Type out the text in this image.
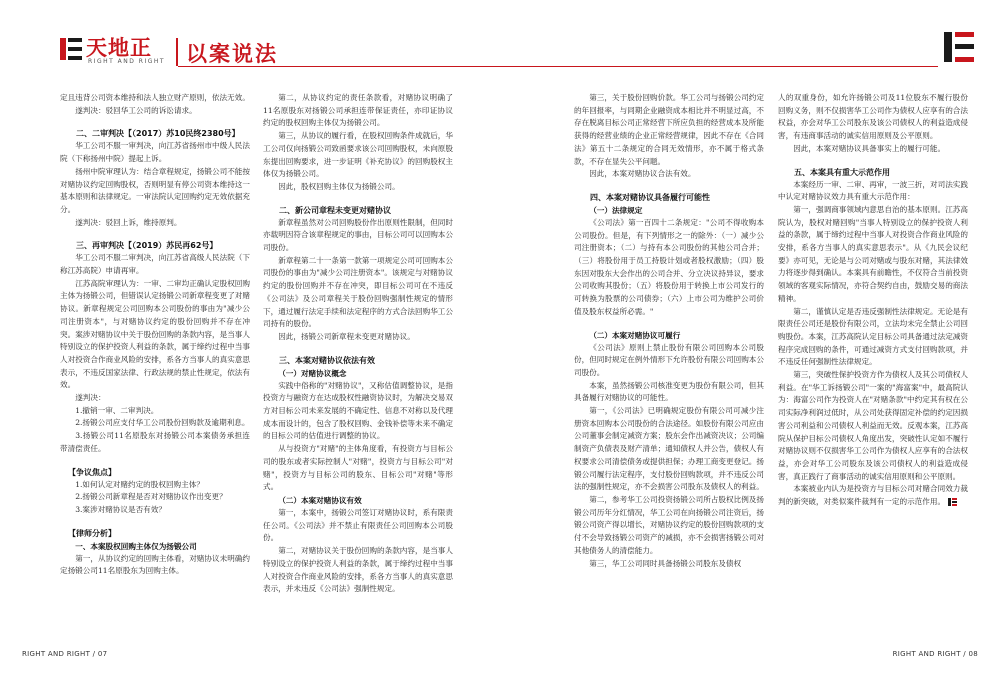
天地正
RIGHT AND RIGHT 以案说法

定且违背公司资本维持和法人独立财产原则，依法无效。

遂判决：驳回华工公司的诉讼请求。

二、二审判决【（2017）苏10民终2380号】

华工公司不服一审判决，向江苏省扬州市中级人民法院（下称扬州中院）提起上诉。

扬州中院审理认为：结合章程规定，扬锻公司不能按对赌协议约定回购股权，否则明显有停公司资本维持这一基本原则和法律规定。一审法院认定回购约定无效依据充分。

遂判决：驳回上诉，维持原判。

三、再审判决【（2019）苏民再62号】

华工公司不服二审判决，向江苏省高级人民法院（下称江苏高院）申请再审。

江苏高院审理认为：一审、二审均正确认定股权回购主体为扬锻公司，但错误认定扬锻公司新章程变更了对赌协议。新章程规定公司回购本公司股份的事由为"减少公司注册资本"，与对赌协议约定的股份回购并不存在冲突。案涉对赌协议中关于股份回购的条款内容，是当事人特别设立的保护投资人利益的条款，属于缔约过程中当事人对投资合作商业风险的安排，系各方当事人的真实意思表示，不违反国家法律、行政法规的禁止性规定，依法有效。

遂判决：

1.撤销一审、二审判决。

2.扬锻公司应支付华工公司股份回购款及逾期利息。

3.扬锻公司11名原股东对扬锻公司本案债务承担连带清偿责任。

【争议焦点】

1.如何认定对赌约定的股权回购主体？

2.扬锻公司新章程是否对对赌协议作出变更？

3.案涉对赌协议是否有效？

【律师分析】
一、本案股权回购主体仅为扬锻公司

第一，从协议约定的回购主体看，对赌协议未明确约定扬锻公司11名原股东为回购主体。

第二，从协议约定的责任条款看，对赌协议明确了11名原股东对扬锻公司承担连带保证责任，亦印证协议约定的股权回购主体仅为扬锻公司。

第三，从协议的履行看，在股权回购条件成就后，华工公司仅向扬锻公司致函要求该公司回购股权，未向原股东提出回购要求，进一步证明《补充协议》的回购股权主体仅为扬锻公司。

因此，股权回购主体仅为扬锻公司。

二、新公司章程未变更对赌协议

新章程虽然对公司回购股份作出原则性限制，但同时亦载明因符合该章程规定的事由，目标公司可以回购本公司股份。

新章程第二十一条第一款第一项规定公司可回购本公司股份的事由为"减少公司注册资本"。该规定与对赌协议约定的股份回购并不存在冲突，即目标公司可在不违反《公司法》及公司章程关于股份回购强制性规定的情形下，通过履行法定手续和法定程序的方式合法回购华工公司持有的股份。

因此，扬锻公司新章程未变更对赌协议。

三、本案对赌协议依法有效
（一）对赌协议概念

实践中俗称的"对赌协议"，又称估值调整协议，是指投资方与融资方在达成股权性融资协议时，为解决交易双方对目标公司未来发展的不确定性、信息不对称以及代理成本而设计的，包含了股权回购、金钱补偿等未来不确定的目标公司的估值进行调整的协议。

从与投资方"对赌"的主体角度看，有投资方与目标公司的股东或者实际控制人"对赌"，投资方与目标公司"对赌"，投资方与目标公司的股东、目标公司"对赌"等形式。

（二）本案对赌协议有效

第一，本案中，扬锻公司签订对赌协议时，系有限责任公司。《公司法》并不禁止有限责任公司回购本公司股份。

第二，对赌协议关于股份回购的条款内容，是当事人特别设立的保护投资人利益的条款，属于缔约过程中当事人对投资合作商业风险的安排，系各方当事人的真实意思表示，并未违反《公司法》强制性规定。

第三，关于股份回购价款。华工公司与扬锻公司约定的年回报率，与同期企业融资成本相比并不明显过高，不存在脱离目标公司正常经营下所应负担的经营成本及所能获得的经营业绩的企业正常经营规律，因此不存在《合同法》第五十二条规定的合同无效情形，亦不属于格式条款，不存在显失公平问题。

因此，本案对赌协议合法有效。

四、本案对赌协议具备履行可能性
（一）法律规定

《公司法》第一百四十二条规定："公司不得收购本公司股份。但是，有下列情形之一的除外：（一）减少公司注册资本；（二）与持有本公司股份的其他公司合并；（三）将股份用于员工持股计划或者股权激励；（四）股东因对股东大会作出的公司合并、分立决议持异议，要求公司收购其股份；（五）将股份用于转换上市公司发行的可转换为股票的公司债券；（六）上市公司为维护公司价值及股东权益所必需。"

（二）本案对赌协议可履行

《公司法》原则上禁止股份有限公司回购本公司股份，但同时规定在例外情形下允许股份有限公司回购本公司股份。

本案，虽然扬锻公司核准变更为股份有限公司，但其具备履行对赌协议的可能性。

第一，《公司法》已明确规定股份有限公司可减少注册资本回购本公司股份的合法途径。如股份有限公司应由公司董事会制定减资方案；股东会作出减资决议；公司编制资产负债表及财产清单；通知债权人并公告，债权人有权要求公司清偿债务或提供担保；办理工商变更登记。扬锻公司履行法定程序，支付股份回购款项，并不违反公司法的强制性规定，亦不会损害公司股东及债权人的利益。

第二，参考华工公司投资扬锻公司所占股权比例及扬锻公司历年分红情况，华工公司在向扬锻公司注资后，扬锻公司资产得以增长，对赌协议约定的股份回购款项的支付不会导致扬锻公司资产的减损，亦不会损害扬锻公司对其他债务人的清偿能力。

第三，华工公司同时具备扬锻公司股东及债权

人的双重身份，如允许扬锻公司及11位股东不履行股份回购义务，则不仅损害华工公司作为债权人应享有的合法权益，亦会对华工公司股东及该公司债权人的利益造成侵害，有违商事活动的诚实信用原则及公平原则。

因此，本案对赌协议具备事实上的履行可能。

五、本案具有重大示范作用

本案经历一审、二审、再审，一波三折，对司法实践中认定对赌协议效力具有重大示范作用：

第一，强调商事领域内意思自治的基本原则。江苏高院认为，股权对赌回购"当事人特别设立的保护投资人利益的条款，属于缔约过程中当事人对投资合作商业风险的安排，系各方当事人的真实意思表示"。从《九民会议纪要》亦可见，无论是与公司对赌或与股东对赌，其法律效力将逐步得到确认。本案具有前瞻性，不仅符合当前投资领域的客观实际情况，亦符合契约自由，鼓励交易的商法精神。

第二，谨慎认定是否违反强制性法律规定。无论是有限责任公司还是股份有限公司，立法均未完全禁止公司回购股份。本案，江苏高院认定目标公司具备通过法定减资程序完成回购的条件，可通过减资方式支付回购款项，并不违反任何强制性法律规定。

第三，突破性保护投资方作为债权人及其公司债权人利益。在"华工诉扬锻公司"一案的"海富案"中，最高院认为：海富公司作为投资人在"对赌条款"中约定其有权在公司实际净利润过低时，从公司处获得固定补偿的约定因损害公司利益和公司债权人利益而无效。反观本案，江苏高院从保护目标公司债权人角度出发，突破性认定如不履行对赌协议则不仅损害华工公司作为债权人应享有的合法权益，亦会对华工公司股东及该公司债权人的利益造成侵害，真正践行了商事活动的诚实信用原则和公平原则。

本案被业内认为是投资方与目标公司对赌合同效力裁判的新突破，对类似案件裁判有一定的示范作用。

RIGHT AND RIGHT / 07	RIGHT AND RIGHT / 08
